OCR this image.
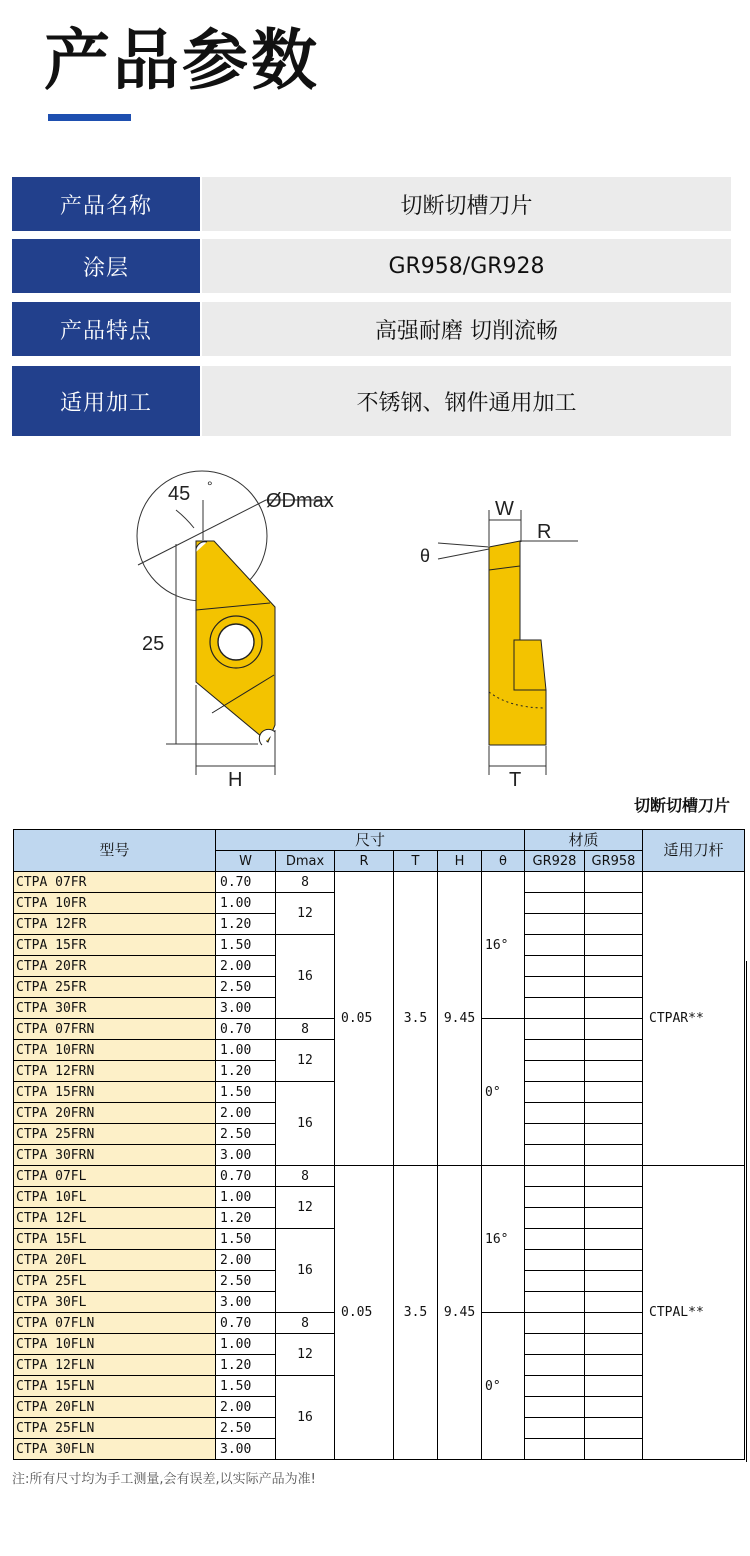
产品参数
产品名称	切断切槽刀片
涂层	GR958/GR928
产品特点	高强耐磨 切削流畅
适用加工	不锈钢、钢件通用加工
45 °
ØDmax
25
H
W
R
θ
T
切断切槽刀片
型号	尺寸						材质		适用刀杆
	W	Dmax	R	T	H	θ	GR928	GR958	
CTPA 07FR	0.70	8	0.05	3.5	9.45	16°			CTPAR**
CTPA 10FR	1.00	12							
CTPA 12FR	1.20								
CTPA 15FR	1.50	16							
CTPA 20FR	2.00								
CTPA 25FR	2.50								
CTPA 30FR	3.00								
CTPA 07FRN	0.70	8				0°			
CTPA 10FRN	1.00	12							
CTPA 12FRN	1.20								
CTPA 15FRN	1.50	16							
CTPA 20FRN	2.00								
CTPA 25FRN	2.50								
CTPA 30FRN	3.00								
CTPA 07FL	0.70	8	0.05	3.5	9.45	16°			CTPAL**
CTPA 10FL	1.00	12							
CTPA 12FL	1.20								
CTPA 15FL	1.50	16							
CTPA 20FL	2.00								
CTPA 25FL	2.50								
CTPA 30FL	3.00								
CTPA 07FLN	0.70	8				0°			
CTPA 10FLN	1.00	12							
CTPA 12FLN	1.20								
CTPA 15FLN	1.50	16							
CTPA 20FLN	2.00								
CTPA 25FLN	2.50								
CTPA 30FLN	3.00								
注:所有尺寸均为手工测量,会有误差,以实际产品为准!
